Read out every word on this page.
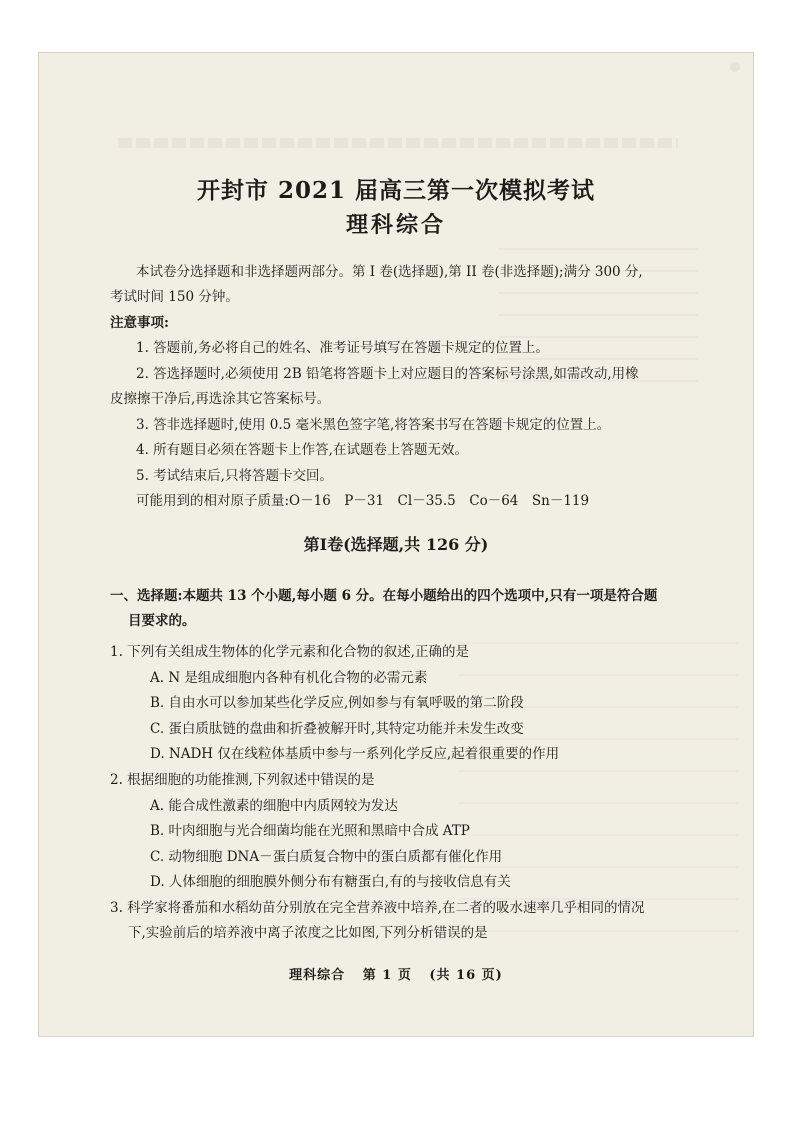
开封市 2021 届高三第一次模拟考试
理科综合
本试卷分选择题和非选择题两部分。第 I 卷(选择题),第 II 卷(非选择题);满分 300 分,
考试时间 150 分钟。
注意事项:
1. 答题前,务必将自己的姓名、准考证号填写在答题卡规定的位置上。
2. 答选择题时,必须使用 2B 铅笔将答题卡上对应题目的答案标号涂黑,如需改动,用橡
皮擦擦干净后,再选涂其它答案标号。
3. 答非选择题时,使用 0.5 毫米黑色签字笔,将答案书写在答题卡规定的位置上。
4. 所有题目必须在答题卡上作答,在试题卷上答题无效。
5. 考试结束后,只将答题卡交回。
可能用到的相对原子质量:O－16　P－31　Cl－35.5　Co－64　Sn－119
第Ⅰ卷(选择题,共 126 分)
一、选择题:本题共 13 个小题,每小题 6 分。在每小题给出的四个选项中,只有一项是符合题
目要求的。
1. 下列有关组成生物体的化学元素和化合物的叙述,正确的是
A. N 是组成细胞内各种有机化合物的必需元素
B. 自由水可以参加某些化学反应,例如参与有氧呼吸的第二阶段
C. 蛋白质肽链的盘曲和折叠被解开时,其特定功能并未发生改变
D. NADH 仅在线粒体基质中参与一系列化学反应,起着很重要的作用
2. 根据细胞的功能推测,下列叙述中错误的是
A. 能合成性激素的细胞中内质网较为发达
B. 叶肉细胞与光合细菌均能在光照和黑暗中合成 ATP
C. 动物细胞 DNA－蛋白质复合物中的蛋白质都有催化作用
D. 人体细胞的细胞膜外侧分布有糖蛋白,有的与接收信息有关
3. 科学家将番茄和水稻幼苗分别放在完全营养液中培养,在二者的吸水速率几乎相同的情况
下,实验前后的培养液中离子浓度之比如图,下列分析错误的是
理科综合 第 1 页 (共 16 页)
